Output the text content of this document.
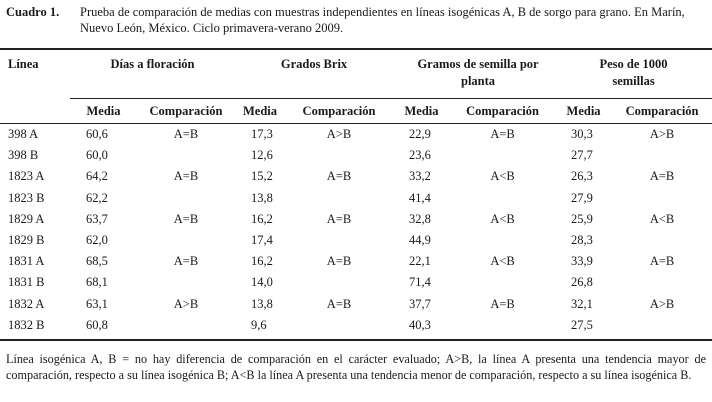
Cuadro 1. Prueba de comparación de medias con muestras independientes en líneas isogénicas A, B de sorgo para grano. En Marín, Nuevo León, México. Ciclo primavera-verano 2009.
Línea	Días a floración		Grados Brix		Gramos de semilla por planta		Peso de 1000 semillas	
	Media	Comparación	Media	Comparación	Media	Comparación	Media	Comparación
398 A	60,6	A=B	17,3	A>B	22,9	A=B	30,3	A>B
398 B	60,0		12,6		23,6		27,7	
1823 A	64,2	A=B	15,2	A=B	33,2	A<B	26,3	A=B
1823 B	62,2		13,8		41,4		27,9	
1829 A	63,7	A=B	16,2	A=B	32,8	A<B	25,9	A<B
1829 B	62,0		17,4		44,9		28,3	
1831 A	68,5	A=B	16,2	A=B	22,1	A<B	33,9	A=B
1831 B	68,1		14,0		71,4		26,8	
1832 A	63,1	A>B	13,8	A=B	37,7	A=B	32,1	A>B
1832 B	60,8		9,6		40,3		27,5	
Línea isogénica A, B = no hay diferencia de comparación en el carácter evaluado; A>B, la línea A presenta una tendencia mayor de comparación, respecto a su línea isogénica B; A<B la línea A presenta una tendencia menor de comparación, respecto a su línea isogénica B.
